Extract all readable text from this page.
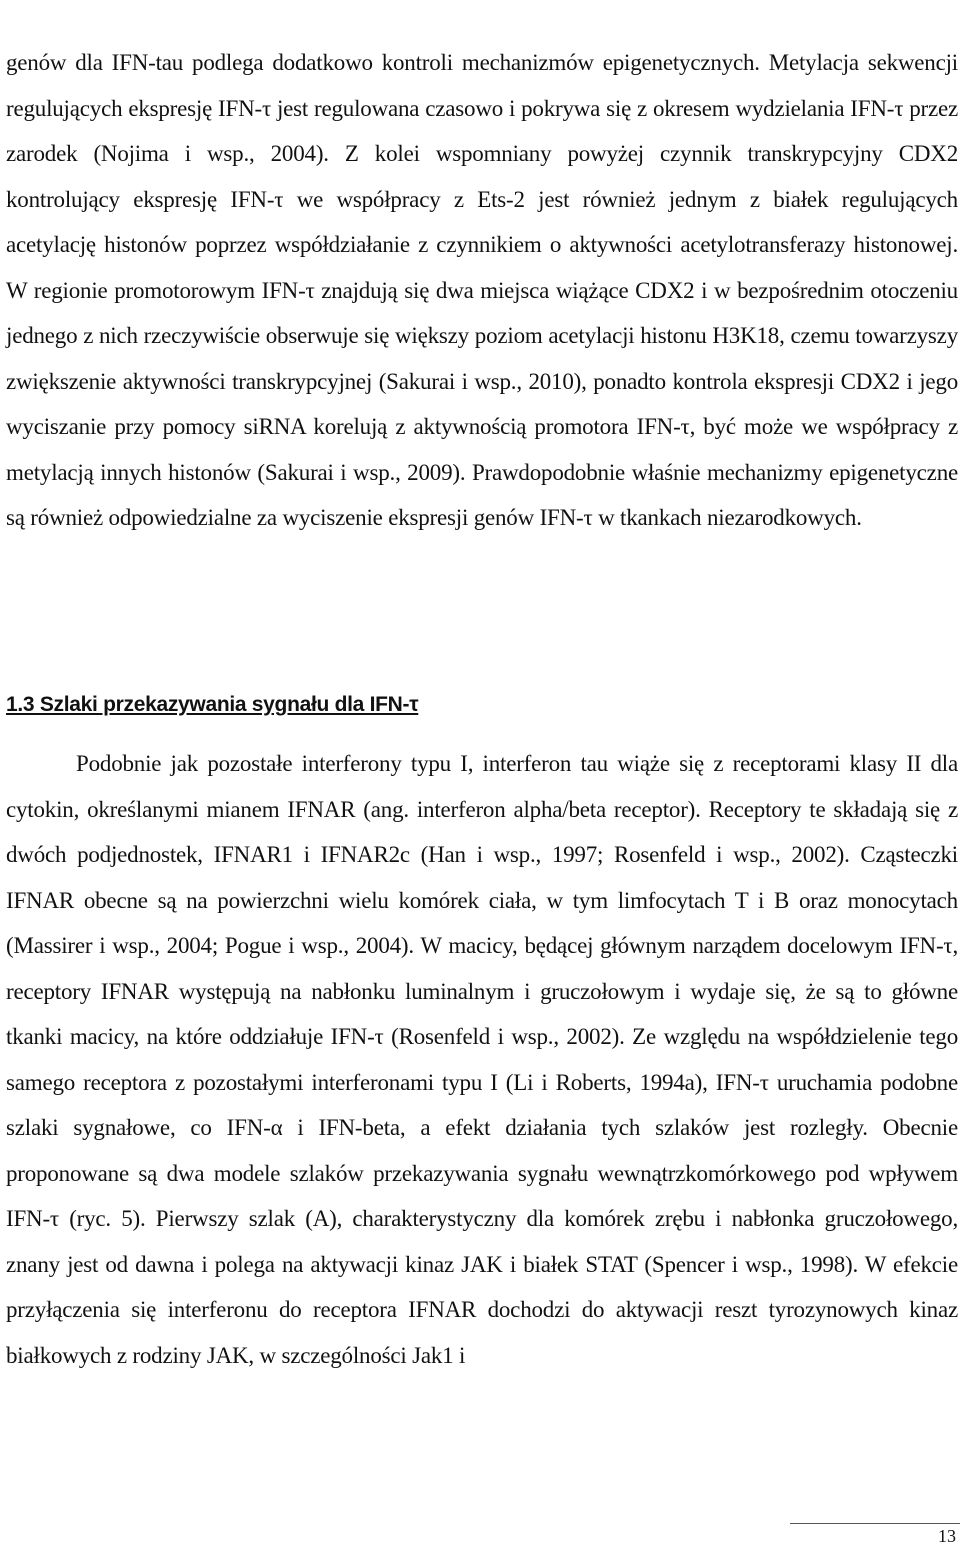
genów dla IFN-tau podlega dodatkowo kontroli mechanizmów epigenetycznych. Metylacja sekwencji regulujących ekspresję IFN-τ jest regulowana czasowo i pokrywa się z okresem wydzielania IFN-τ przez zarodek (Nojima i wsp., 2004). Z kolei wspomniany powyżej czynnik transkrypcyjny CDX2 kontrolujący ekspresję IFN-τ we współpracy z Ets-2 jest również jednym z białek regulujących acetylację histonów poprzez współdziałanie z czynnikiem o aktywności acetylotransferazy histonowej. W regionie promotorowym IFN-τ znajdują się dwa miejsca wiążące CDX2 i w bezpośrednim otoczeniu jednego z nich rzeczywiście obserwuje się większy poziom acetylacji histonu H3K18, czemu towarzyszy zwiększenie aktywności transkrypcyjnej (Sakurai i wsp., 2010), ponadto kontrola ekspresji CDX2 i jego wyciszanie przy pomocy siRNA korelują z aktywnością promotora IFN-τ, być może we współpracy z metylacją innych histonów (Sakurai i wsp., 2009). Prawdopodobnie właśnie mechanizmy epigenetyczne są również odpowiedzialne za wyciszenie ekspresji genów IFN-τ w tkankach niezarodkowych.

1.3 Szlaki przekazywania sygnału dla IFN-τ

Podobnie jak pozostałe interferony typu I, interferon tau wiąże się z receptorami klasy II dla cytokin, określanymi mianem IFNAR (ang. interferon alpha/beta receptor). Receptory te składają się z dwóch podjednostek, IFNAR1 i IFNAR2c (Han i wsp., 1997; Rosenfeld i wsp., 2002). Cząsteczki IFNAR obecne są na powierzchni wielu komórek ciała, w tym limfocytach T i B oraz monocytach (Massirer i wsp., 2004; Pogue i wsp., 2004). W macicy, będącej głównym narządem docelowym IFN-τ, receptory IFNAR występują na nabłonku luminalnym i gruczołowym i wydaje się, że są to główne tkanki macicy, na które oddziałuje IFN-τ (Rosenfeld i wsp., 2002). Ze względu na współdzielenie tego samego receptora z pozostałymi interferonami typu I (Li i Roberts, 1994a), IFN-τ uruchamia podobne szlaki sygnałowe, co IFN-α i IFN-beta, a efekt działania tych szlaków jest rozległy. Obecnie proponowane są dwa modele szlaków przekazywania sygnału wewnątrzkomórkowego pod wpływem IFN-τ (ryc. 5). Pierwszy szlak (A), charakterystyczny dla komórek zrębu i nabłonka gruczołowego, znany jest od dawna i polega na aktywacji kinaz JAK i białek STAT (Spencer i wsp., 1998). W efekcie przyłączenia się interferonu do receptora IFNAR dochodzi do aktywacji reszt tyrozynowych kinaz białkowych z rodziny JAK, w szczególności Jak1 i

13
